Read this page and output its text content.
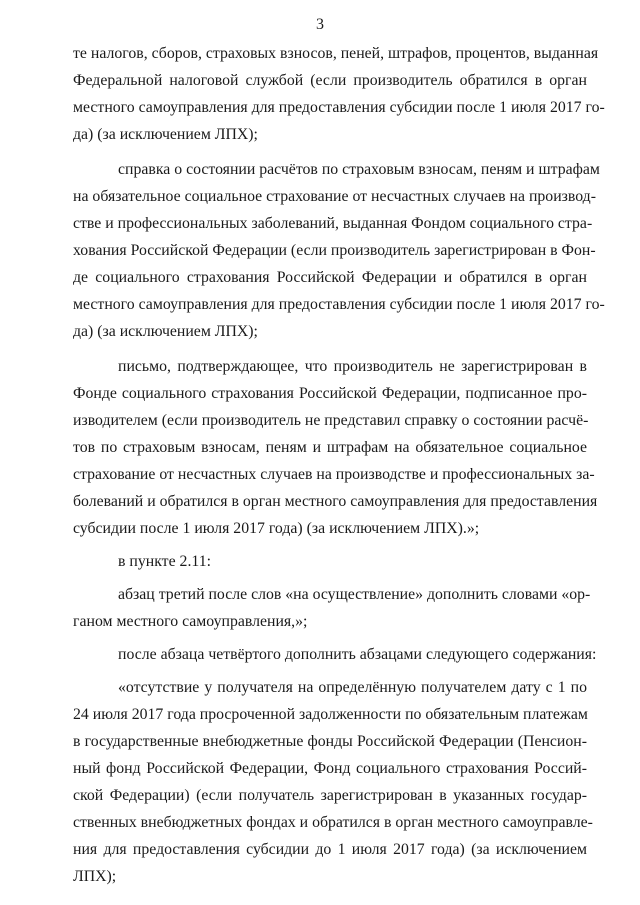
3
те налогов, сборов, страховых взносов, пеней, штрафов, процентов, выданная
Федеральной налоговой службой (если производитель обратился в орган
местного самоуправления для предоставления субсидии после 1 июля 2017 го-
да) (за исключением ЛПХ);
справка о состоянии расчётов по страховым взносам, пеням и штрафам
на обязательное социальное страхование от несчастных случаев на производ-
стве и профессиональных заболеваний, выданная Фондом социального стра-
хования Российской Федерации (если производитель зарегистрирован в Фон-
де социального страхования Российской Федерации и обратился в орган
местного самоуправления для предоставления субсидии после 1 июля 2017 го-
да) (за исключением ЛПХ);
письмо, подтверждающее, что производитель не зарегистрирован в
Фонде социального страхования Российской Федерации, подписанное про-
изводителем (если производитель не представил справку о состоянии расчё-
тов по страховым взносам, пеням и штрафам на обязательное социальное
страхование от несчастных случаев на производстве и профессиональных за-
болеваний и обратился в орган местного самоуправления для предоставления
субсидии после 1 июля 2017 года) (за исключением ЛПХ).»;
в пункте 2.11:
абзац третий после слов «на осуществление» дополнить словами «ор-
ганом местного самоуправления,»;
после абзаца четвёртого дополнить абзацами следующего содержания:
«отсутствие у получателя на определённую получателем дату с 1 по
24 июля 2017 года просроченной задолженности по обязательным платежам
в государственные внебюджетные фонды Российской Федерации (Пенсион-
ный фонд Российской Федерации, Фонд социального страхования Россий-
ской Федерации) (если получатель зарегистрирован в указанных государ-
ственных внебюджетных фондах и обратился в орган местного самоуправле-
ния для предоставления субсидии до 1 июля 2017 года) (за исключением
ЛПХ);
